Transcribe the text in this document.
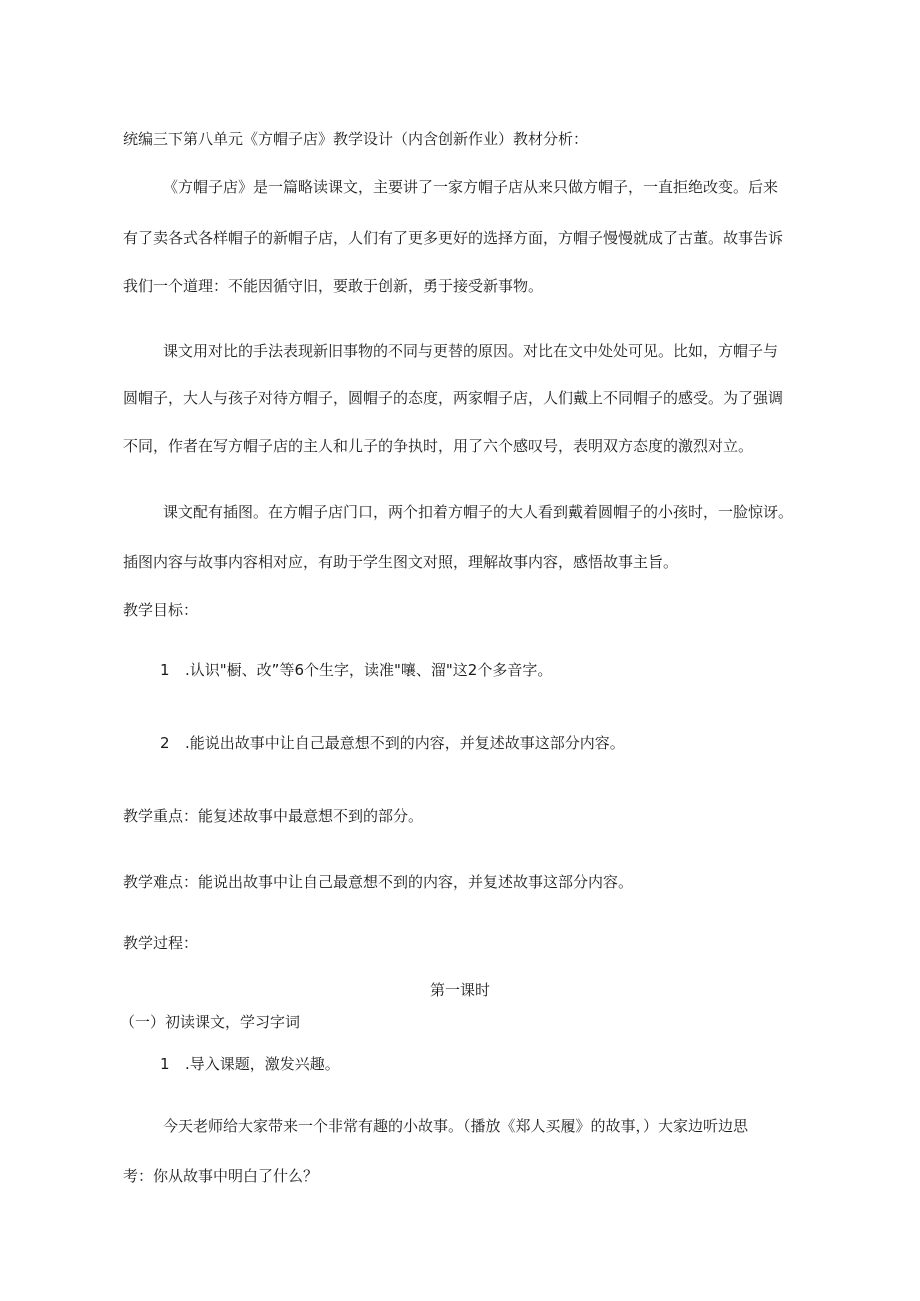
统编三下第八单元《方帽子店》教学设计（内含创新作业）教材分析：

《方帽子店》是一篇略读课文，主要讲了一家方帽子店从来只做方帽子，一直拒绝改变。后来

有了卖各式各样帽子的新帽子店，人们有了更多更好的选择方面，方帽子慢慢就成了古董。故事告诉

我们一个道理：不能因循守旧，要敢于创新，勇于接受新事物。

课文用对比的手法表现新旧事物的不同与更替的原因。对比在文中处处可见。比如，方帽子与

圆帽子，大人与孩子对待方帽子，圆帽子的态度，两家帽子店，人们戴上不同帽子的感受。为了强调

不同，作者在写方帽子店的主人和儿子的争执时，用了六个感叹号，表明双方态度的激烈对立。

课文配有插图。在方帽子店门口，两个扣着方帽子的大人看到戴着圆帽子的小孩时，一脸惊讶。

插图内容与故事内容相对应，有助于学生图文对照，理解故事内容，感悟故事主旨。

教学目标：

1 .认识"橱、改”等6个生字，读准"嚷、溜"这2个多音字。
2 .能说出故事中让自己最意想不到的内容，并复述故事这部分内容。

教学重点：能复述故事中最意想不到的部分。

教学难点：能说出故事中让自己最意想不到的内容，并复述故事这部分内容。

教学过程：

第一课时

（一）初读课文，学习字词

1 .导入课题，激发兴趣。

今天老师给大家带来一个非常有趣的小故事。（播放《郑人买履》的故事，）大家边听边思

考：你从故事中明白了什么？
